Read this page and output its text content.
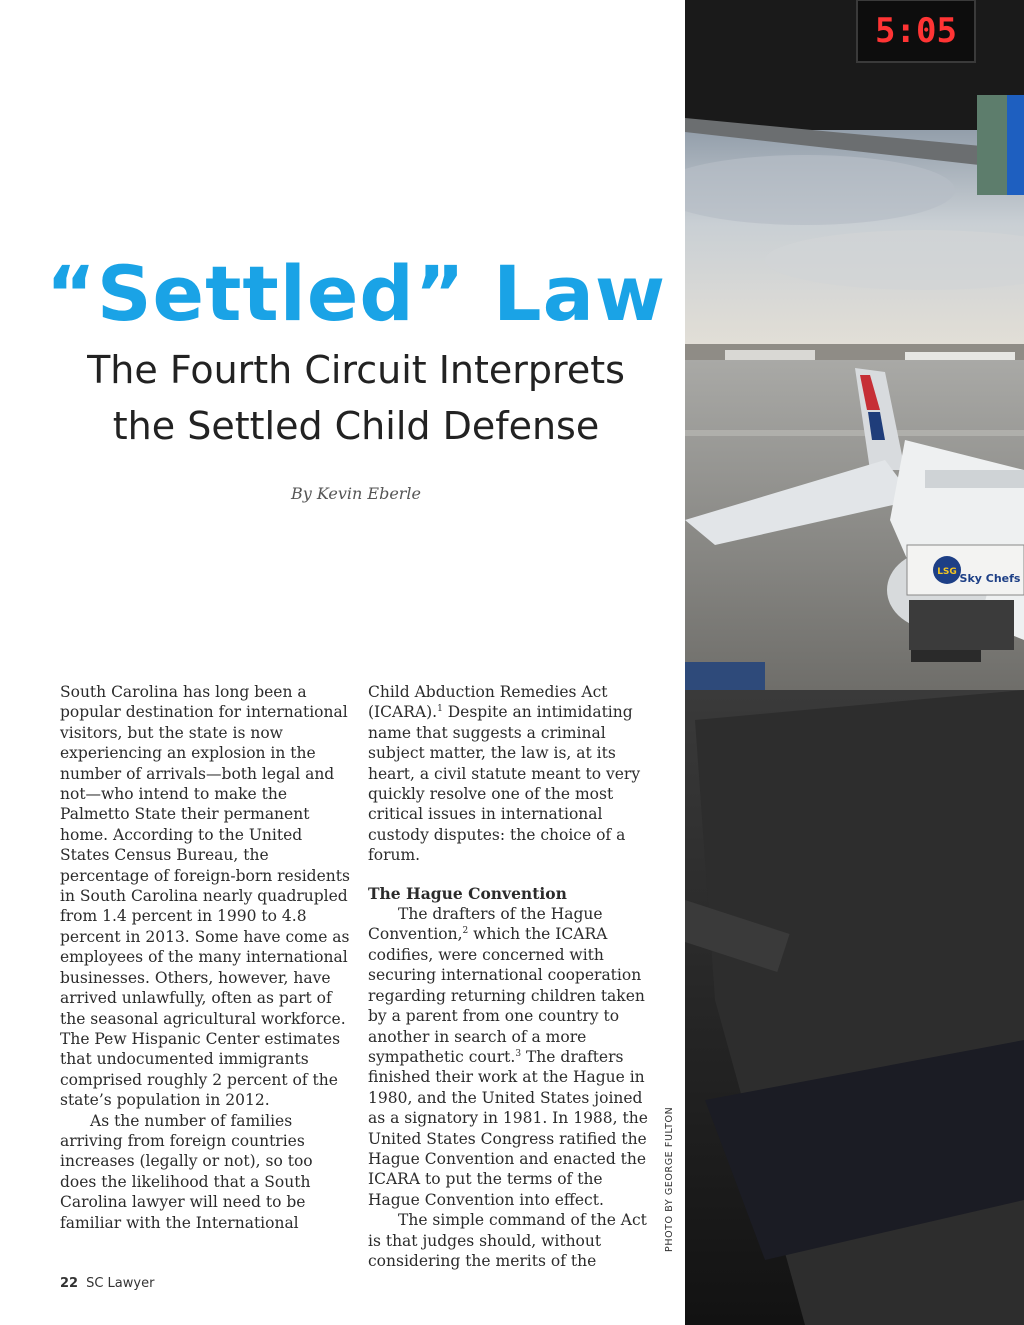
“Settled” Law
The Fourth Circuit Interprets
the Settled Child Defense
By Kevin Eberle

South Carolina has long been a popular destination for international visitors, but the state is now experiencing an explosion in the number of arrivals—both legal and not—who intend to make the Palmetto State their permanent home. According to the United States Census Bureau, the percentage of foreign-born residents in South Carolina nearly quadrupled from 1.4 percent in 1990 to 4.8 percent in 2013. Some have come as employees of the many international businesses. Others, however, have arrived unlawfully, often as part of the seasonal agricultural workforce. The Pew Hispanic Center estimates that undocumented immigrants comprised roughly 2 percent of the state’s population in 2012.

As the number of families arriving from foreign countries increases (legally or not), so too does the likelihood that a South Carolina lawyer will need to be familiar with the International

Child Abduction Remedies Act (ICARA).$^1$ Despite an intimidating name that suggests a criminal subject matter, the law is, at its heart, a civil statute meant to very quickly resolve one of the most critical issues in international custody disputes: the choice of a forum.

The Hague Convention

The drafters of the Hague Convention,$^2$ which the ICARA codifies, were concerned with securing international cooperation regarding returning children taken by a parent from one country to another in search of a more sympathetic court.$^3$ The drafters finished their work at the Hague in 1980, and the United States joined as a signatory in 1981. In 1988, the United States Congress ratified the Hague Convention and enacted the ICARA to put the terms of the Hague Convention into effect.

The simple command of the Act is that judges should, without considering the merits of the

22 SC Lawyer
PHOTO BY GEORGE FULTON
5:05
LSG Sky Chefs
